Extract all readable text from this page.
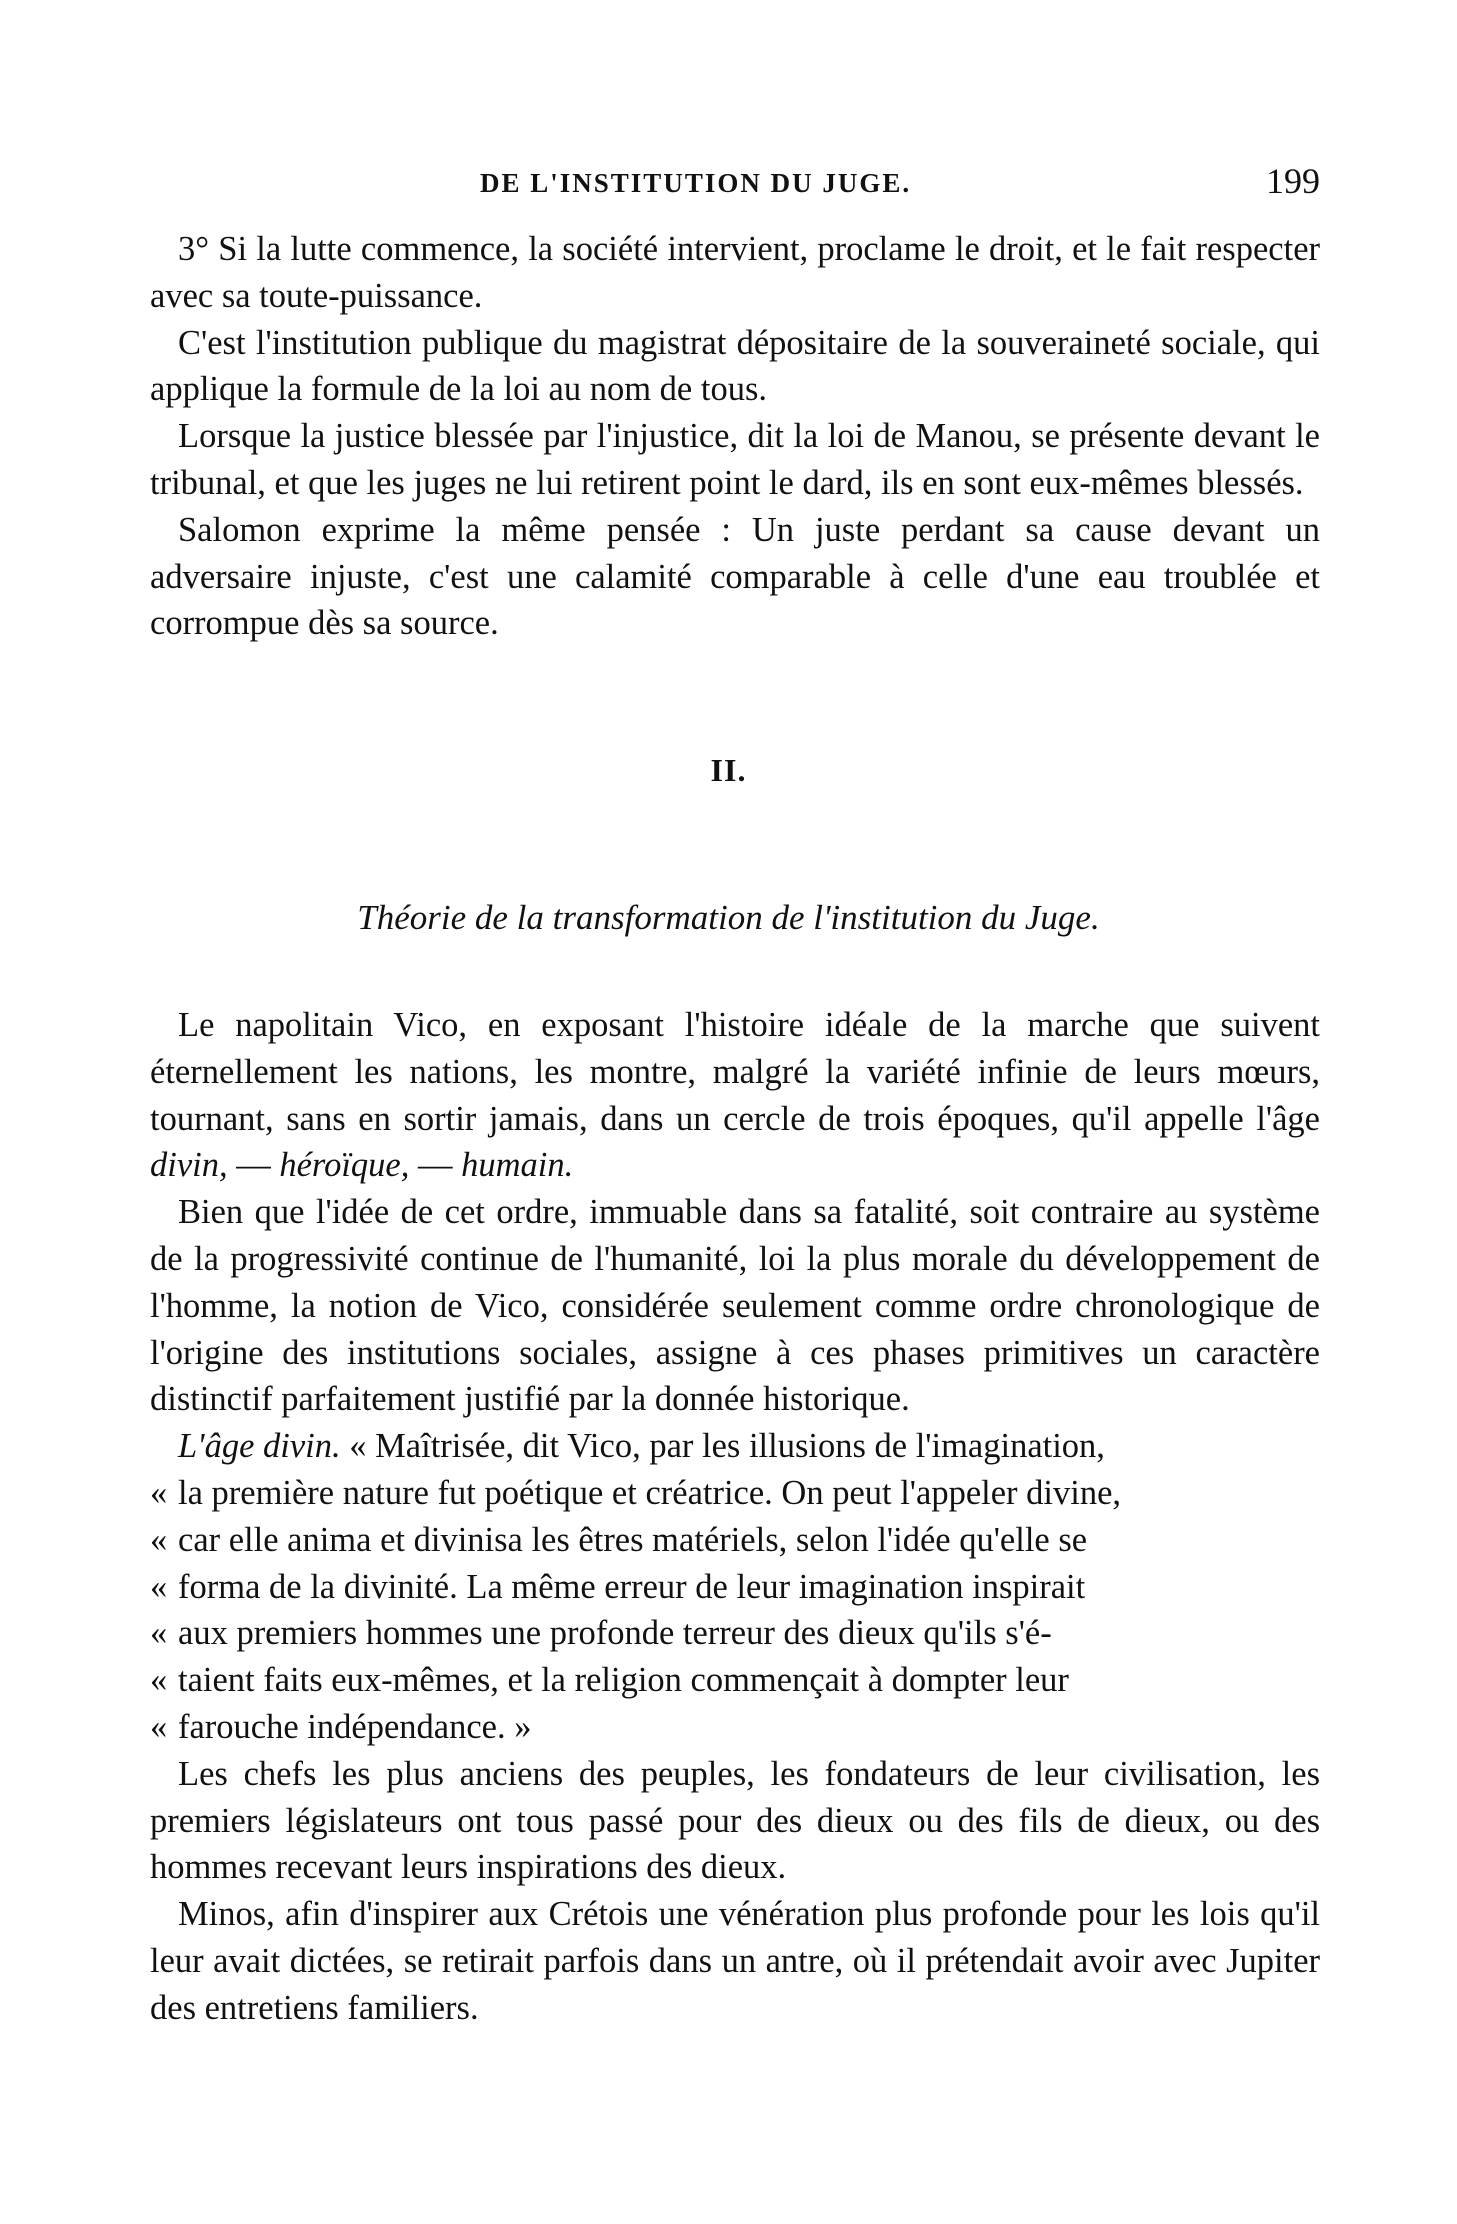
DE L'INSTITUTION DU JUGE.	199

3° Si la lutte commence, la société intervient, proclame le droit, et le fait respecter avec sa toute-puissance.

C'est l'institution publique du magistrat dépositaire de la souveraineté sociale, qui applique la formule de la loi au nom de tous.

Lorsque la justice blessée par l'injustice, dit la loi de Manou, se présente devant le tribunal, et que les juges ne lui retirent point le dard, ils en sont eux-mêmes blessés.

Salomon exprime la même pensée : Un juste perdant sa cause devant un adversaire injuste, c'est une calamité comparable à celle d'une eau troublée et corrompue dès sa source.

II.
Théorie de la transformation de l'institution du Juge.

Le napolitain Vico, en exposant l'histoire idéale de la marche que suivent éternellement les nations, les montre, malgré la variété infinie de leurs mœurs, tournant, sans en sortir jamais, dans un cercle de trois époques, qu'il appelle l'âge divin, — héroïque, — humain.

Bien que l'idée de cet ordre, immuable dans sa fatalité, soit contraire au système de la progressivité continue de l'humanité, loi la plus morale du développement de l'homme, la notion de Vico, considérée seulement comme ordre chronologique de l'origine des institutions sociales, assigne à ces phases primitives un caractère distinctif parfaitement justifié par la donnée historique.

L'âge divin. « Maîtrisée, dit Vico, par les illusions de l'imagination,

« la première nature fut poétique et créatrice. On peut l'appeler divine,

« car elle anima et divinisa les êtres matériels, selon l'idée qu'elle se

« forma de la divinité. La même erreur de leur imagination inspirait

« aux premiers hommes une profonde terreur des dieux qu'ils s'é-

« taient faits eux-mêmes, et la religion commençait à dompter leur

« farouche indépendance. »

Les chefs les plus anciens des peuples, les fondateurs de leur civilisation, les premiers législateurs ont tous passé pour des dieux ou des fils de dieux, ou des hommes recevant leurs inspirations des dieux.

Minos, afin d'inspirer aux Crétois une vénération plus profonde pour les lois qu'il leur avait dictées, se retirait parfois dans un antre, où il prétendait avoir avec Jupiter des entretiens familiers.
